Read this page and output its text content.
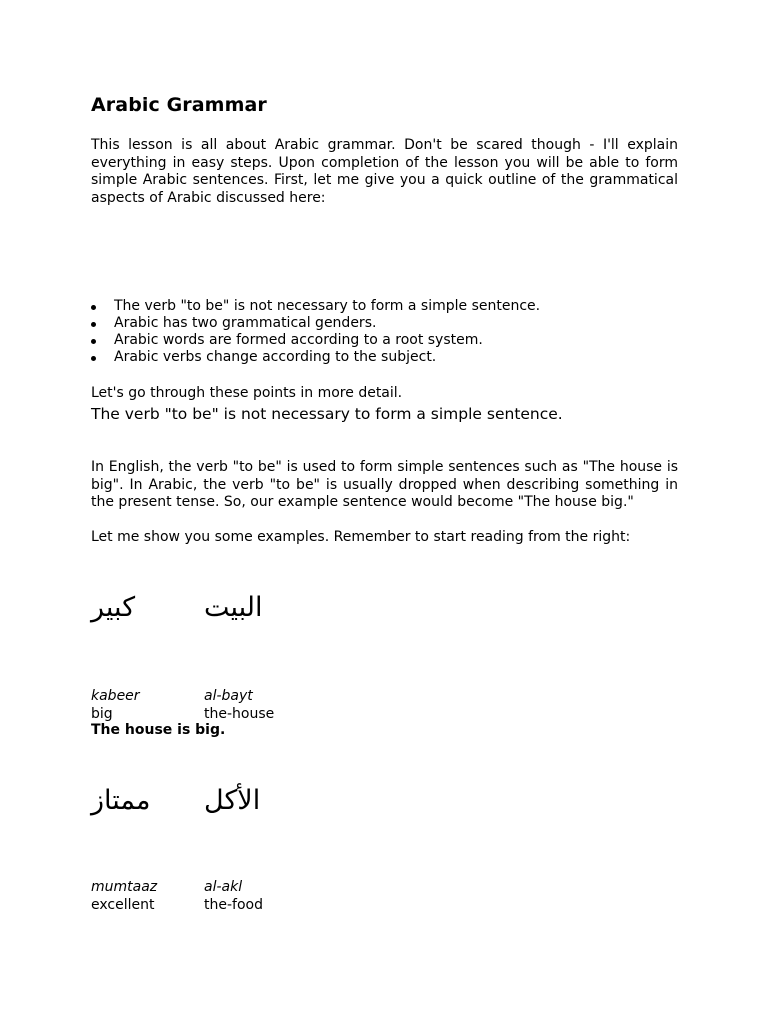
Arabic Grammar

This lesson is all about Arabic grammar. Don't be scared though - I'll explain everything in easy steps. Upon completion of the lesson you will be able to form simple Arabic sentences. First, let me give you a quick outline of the grammatical aspects of Arabic discussed here:

The verb "to be" is not necessary to form a simple sentence.
Arabic has two grammatical genders.
Arabic words are formed according to a root system.
Arabic verbs change according to the subject.

Let's go through these points in more detail.

The verb "to be" is not necessary to form a simple sentence.

In English, the verb "to be" is used to form simple sentences such as "The house is big". In Arabic, the verb "to be" is usually dropped when describing something in the present tense. So, our example sentence would become "The house big."

Let me show you some examples. Remember to start reading from the right:

كبير	البيت
kabeer	al-bayt
big	the-house
The house is big.
ممتاز الأكل
mumtaaz	al-akl
excellent	the-food
